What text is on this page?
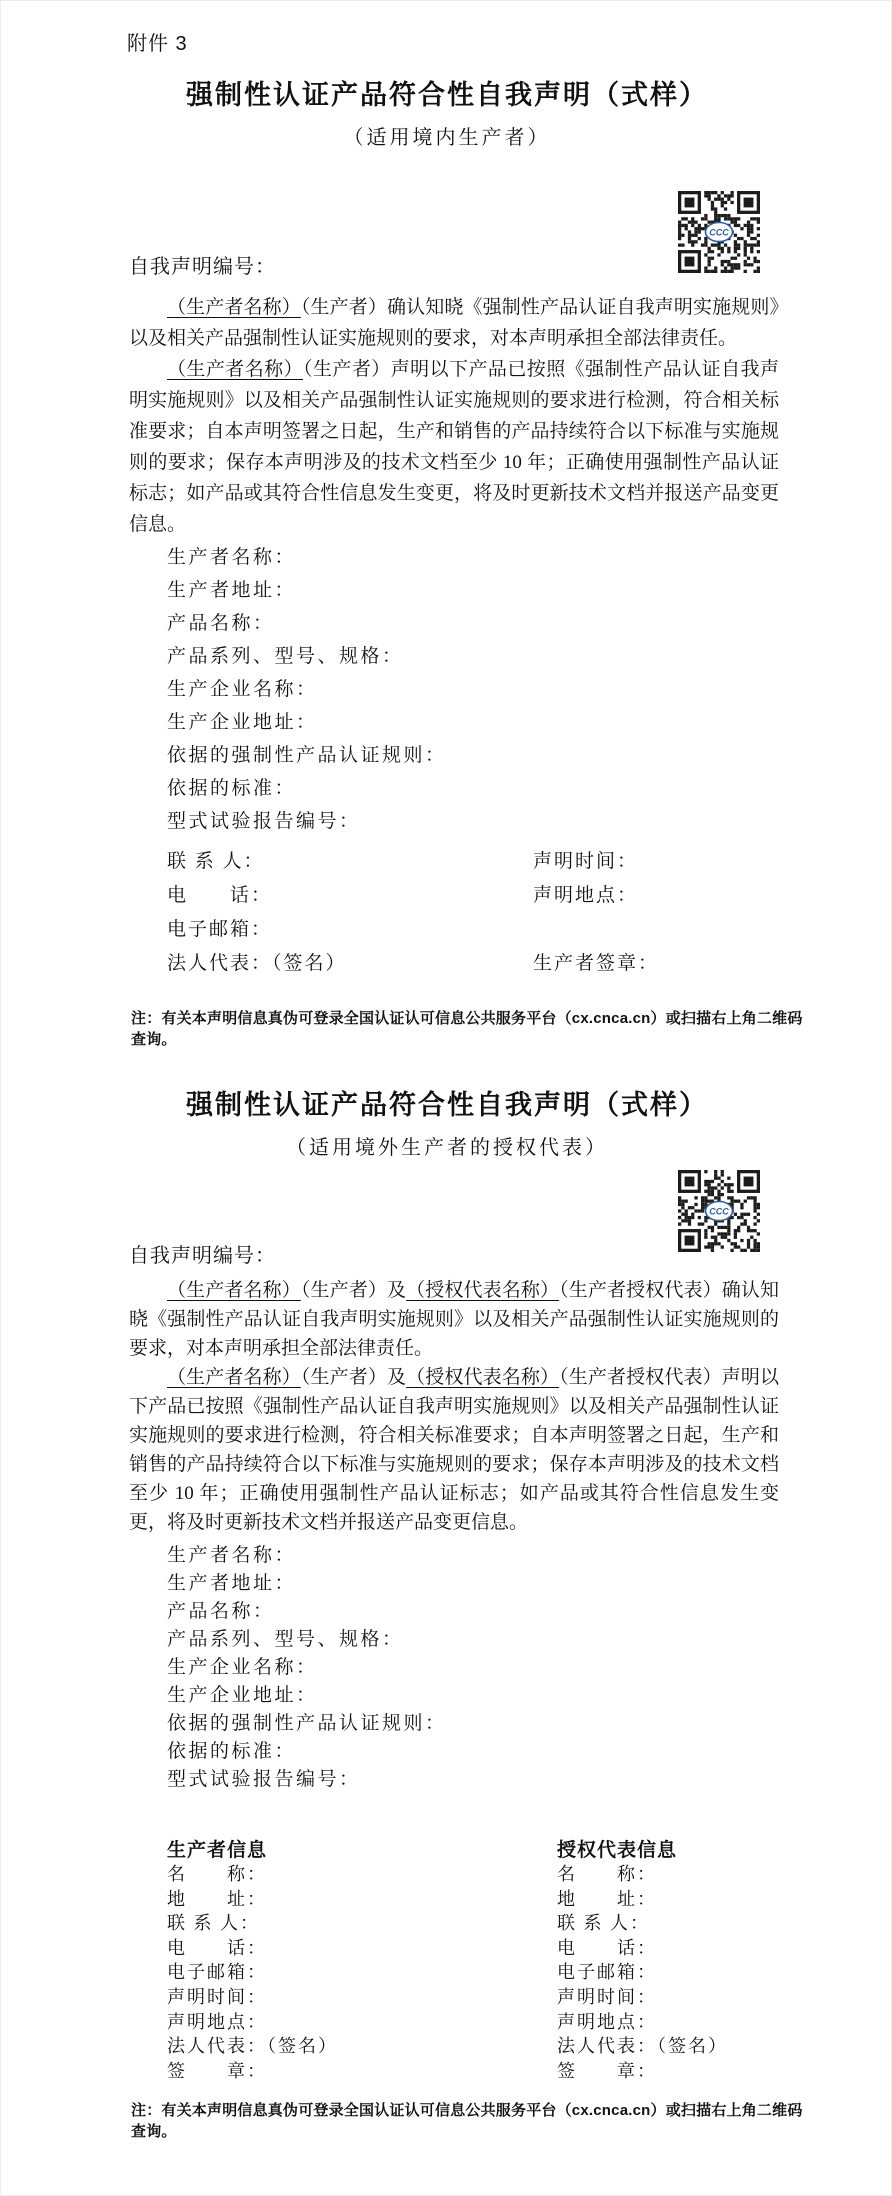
附件 3
强制性认证产品符合性自我声明（式样）
（适用境内生产者）
CCC
自我声明编号：

（生产者名称）（生产者）确认知晓《强制性产品认证自我声明实施规则》以及相关产品强制性认证实施规则的要求，对本声明承担全部法律责任。

（生产者名称）（生产者）声明以下产品已按照《强制性产品认证自我声明实施规则》以及相关产品强制性认证实施规则的要求进行检测，符合相关标准要求；自本声明签署之日起，生产和销售的产品持续符合以下标准与实施规则的要求；保存本声明涉及的技术文档至少 10 年；正确使用强制性产品认证标志；如产品或其符合性信息发生变更，将及时更新技术文档并报送产品变更信息。

生产者名称：
生产者地址：
产品名称：
产品系列、型号、规格：
生产企业名称：
生产企业地址：
依据的强制性产品认证规则：
依据的标准：
型式试验报告编号：
联 系 人：
电　　话：
电子邮箱：
法人代表：（签名）
声明时间：
声明地点：

生产者签章：
注：有关本声明信息真伪可登录全国认证认可信息公共服务平台（cx.cnca.cn）或扫描右上角二维码查询。
强制性认证产品符合性自我声明（式样）
（适用境外生产者的授权代表）
CCC
自我声明编号：

（生产者名称）（生产者）及（授权代表名称）（生产者授权代表）确认知晓《强制性产品认证自我声明实施规则》以及相关产品强制性认证实施规则的要求，对本声明承担全部法律责任。

（生产者名称）（生产者）及（授权代表名称）（生产者授权代表）声明以下产品已按照《强制性产品认证自我声明实施规则》以及相关产品强制性认证实施规则的要求进行检测，符合相关标准要求；自本声明签署之日起，生产和销售的产品持续符合以下标准与实施规则的要求；保存本声明涉及的技术文档至少 10 年；正确使用强制性产品认证标志；如产品或其符合性信息发生变更，将及时更新技术文档并报送产品变更信息。

生产者名称：
生产者地址：
产品名称：
产品系列、型号、规格：
生产企业名称：
生产企业地址：
依据的强制性产品认证规则：
依据的标准：
型式试验报告编号：
生产者信息
名　　称：
地　　址：
联 系 人：
电　　话：
电子邮箱：
声明时间：
声明地点：
法人代表：（签名）
签　　章：
授权代表信息
名　　称：
地　　址：
联 系 人：
电　　话：
电子邮箱：
声明时间：
声明地点：
法人代表：（签名）
签　　章：
注：有关本声明信息真伪可登录全国认证认可信息公共服务平台（cx.cnca.cn）或扫描右上角二维码查询。
